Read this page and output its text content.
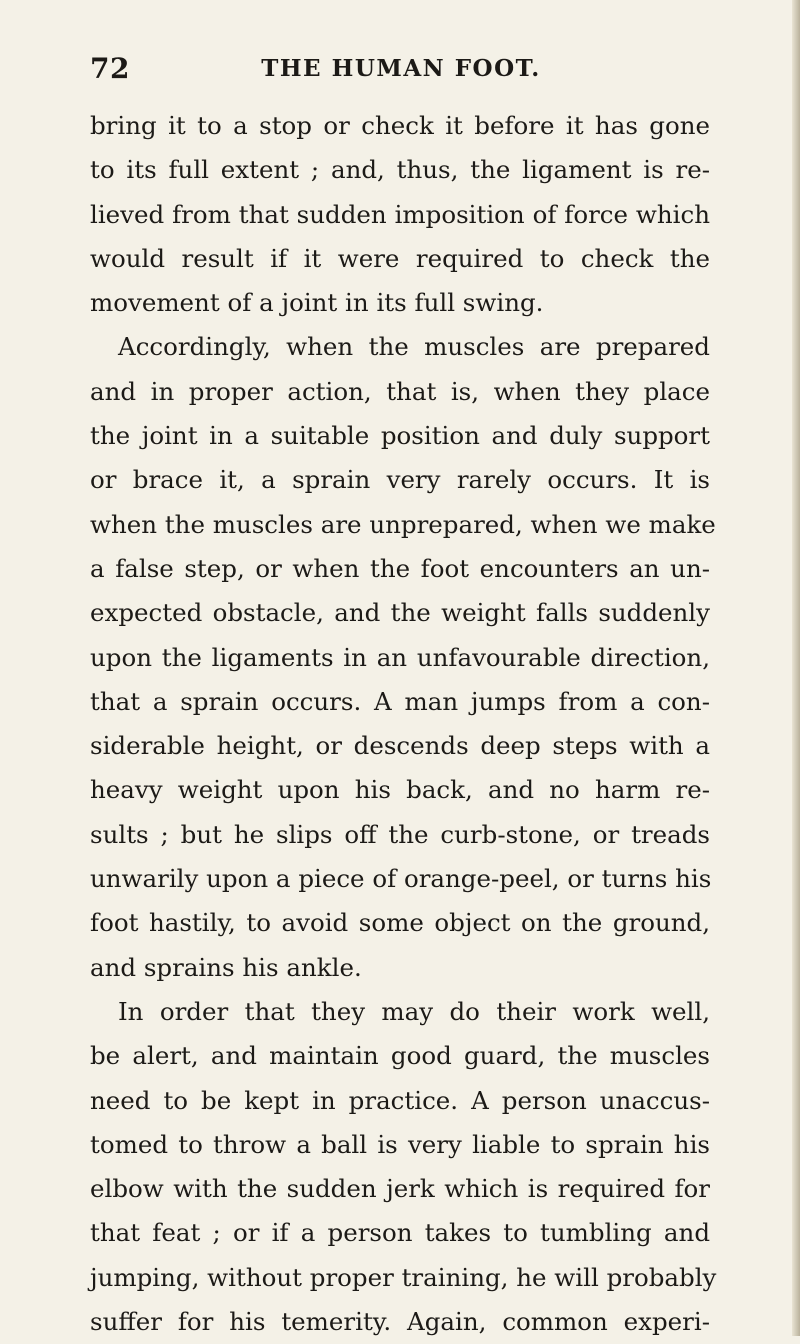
72	THE HUMAN FOOT.
bring it to a stop or check it before it has gone
to its full extent ; and, thus, the ligament is re-
lieved from that sudden imposition of force which
would result if it were required to check the
movement of a joint in its full swing.
Accordingly, when the muscles are prepared
and in proper action, that is, when they place
the joint in a suitable position and duly support
or brace it, a sprain very rarely occurs. It is
when the muscles are unprepared, when we make
a false step, or when the foot encounters an un-
expected obstacle, and the weight falls suddenly
upon the ligaments in an unfavourable direction,
that a sprain occurs. A man jumps from a con-
siderable height, or descends deep steps with a
heavy weight upon his back, and no harm re-
sults ; but he slips off the curb-stone, or treads
unwarily upon a piece of orange-peel, or turns his
foot hastily, to avoid some object on the ground,
and sprains his ankle.
In order that they may do their work well,
be alert, and maintain good guard, the muscles
need to be kept in practice. A person unaccus-
tomed to throw a ball is very liable to sprain his
elbow with the sudden jerk which is required for
that feat ; or if a person takes to tumbling and
jumping, without proper training, he will probably
suffer for his temerity. Again, common experi-
